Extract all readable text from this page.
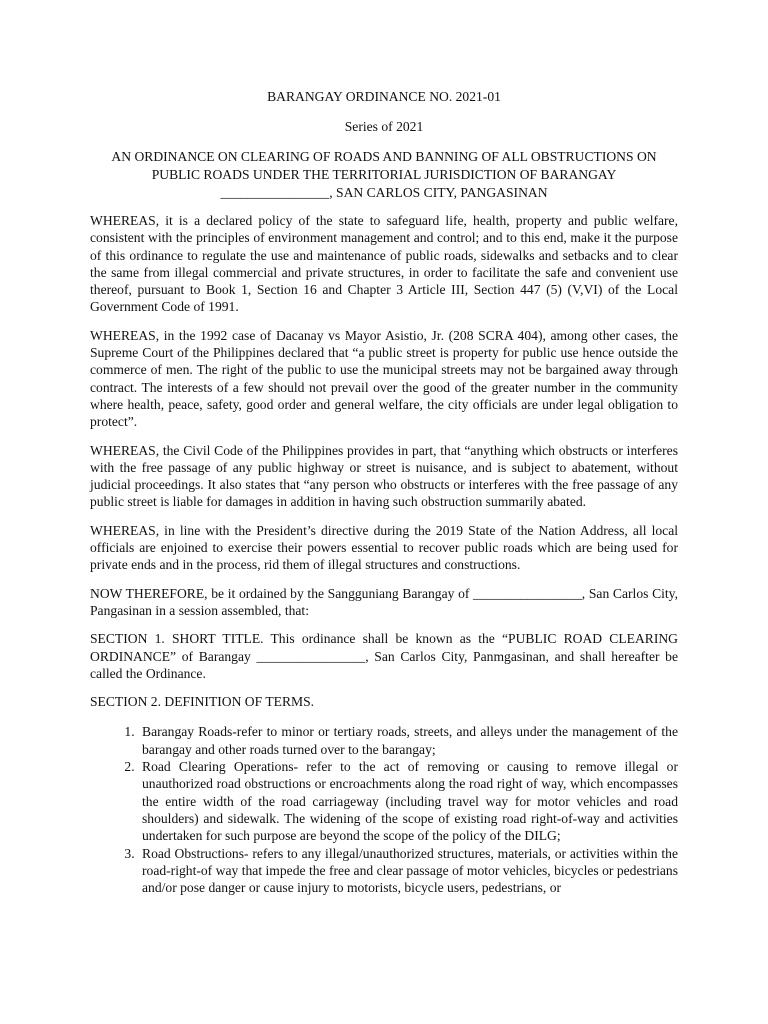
BARANGAY ORDINANCE NO. 2021-01
Series of 2021
AN ORDINANCE ON CLEARING OF ROADS AND BANNING OF ALL OBSTRUCTIONS ON
PUBLIC ROADS UNDER THE TERRITORIAL JURISDICTION OF BARANGAY
________________, SAN CARLOS CITY, PANGASINAN

WHEREAS, it is a declared policy of the state to safeguard life, health, property and public welfare, consistent with the principles of environment management and control; and to this end, make it the purpose of this ordinance to regulate the use and maintenance of public roads, sidewalks and setbacks and to clear the same from illegal commercial and private structures, in order to facilitate the safe and convenient use thereof, pursuant to Book 1, Section 16 and Chapter 3 Article III, Section 447 (5) (V,VI) of the Local Government Code of 1991.

WHEREAS, in the 1992 case of Dacanay vs Mayor Asistio, Jr. (208 SCRA 404), among other cases, the Supreme Court of the Philippines declared that “a public street is property for public use hence outside the commerce of men. The right of the public to use the municipal streets may not be bargained away through contract. The interests of a few should not prevail over the good of the greater number in the community where health, peace, safety, good order and general welfare, the city officials are under legal obligation to protect”.

WHEREAS, the Civil Code of the Philippines provides in part, that “anything which obstructs or interferes with the free passage of any public highway or street is nuisance, and is subject to abatement, without judicial proceedings. It also states that “any person who obstructs or interferes with the free passage of any public street is liable for damages in addition in having such obstruction summarily abated.

WHEREAS, in line with the President’s directive during the 2019 State of the Nation Address, all local officials are enjoined to exercise their powers essential to recover public roads which are being used for private ends and in the process, rid them of illegal structures and constructions.

NOW THEREFORE, be it ordained by the Sangguniang Barangay of ________________, San Carlos City, Pangasinan in a session assembled, that:

SECTION 1. SHORT TITLE. This ordinance shall be known as the “PUBLIC ROAD CLEARING ORDINANCE” of Barangay ________________, San Carlos City, Panmgasinan, and shall hereafter be called the Ordinance.

SECTION 2. DEFINITION OF TERMS.
1. Barangay Roads-refer to minor or tertiary roads, streets, and alleys under the management of the barangay and other roads turned over to the barangay;
2. Road Clearing Operations- refer to the act of removing or causing to remove illegal or unauthorized road obstructions or encroachments along the road right of way, which encompasses the entire width of the road carriageway (including travel way for motor vehicles and road shoulders) and sidewalk. The widening of the scope of existing road right-of-way and activities undertaken for such purpose are beyond the scope of the policy of the DILG;
3. Road Obstructions- refers to any illegal/unauthorized structures, materials, or activities within the road-right-of way that impede the free and clear passage of motor vehicles, bicycles or pedestrians and/or pose danger or cause injury to motorists, bicycle users, pedestrians, or
